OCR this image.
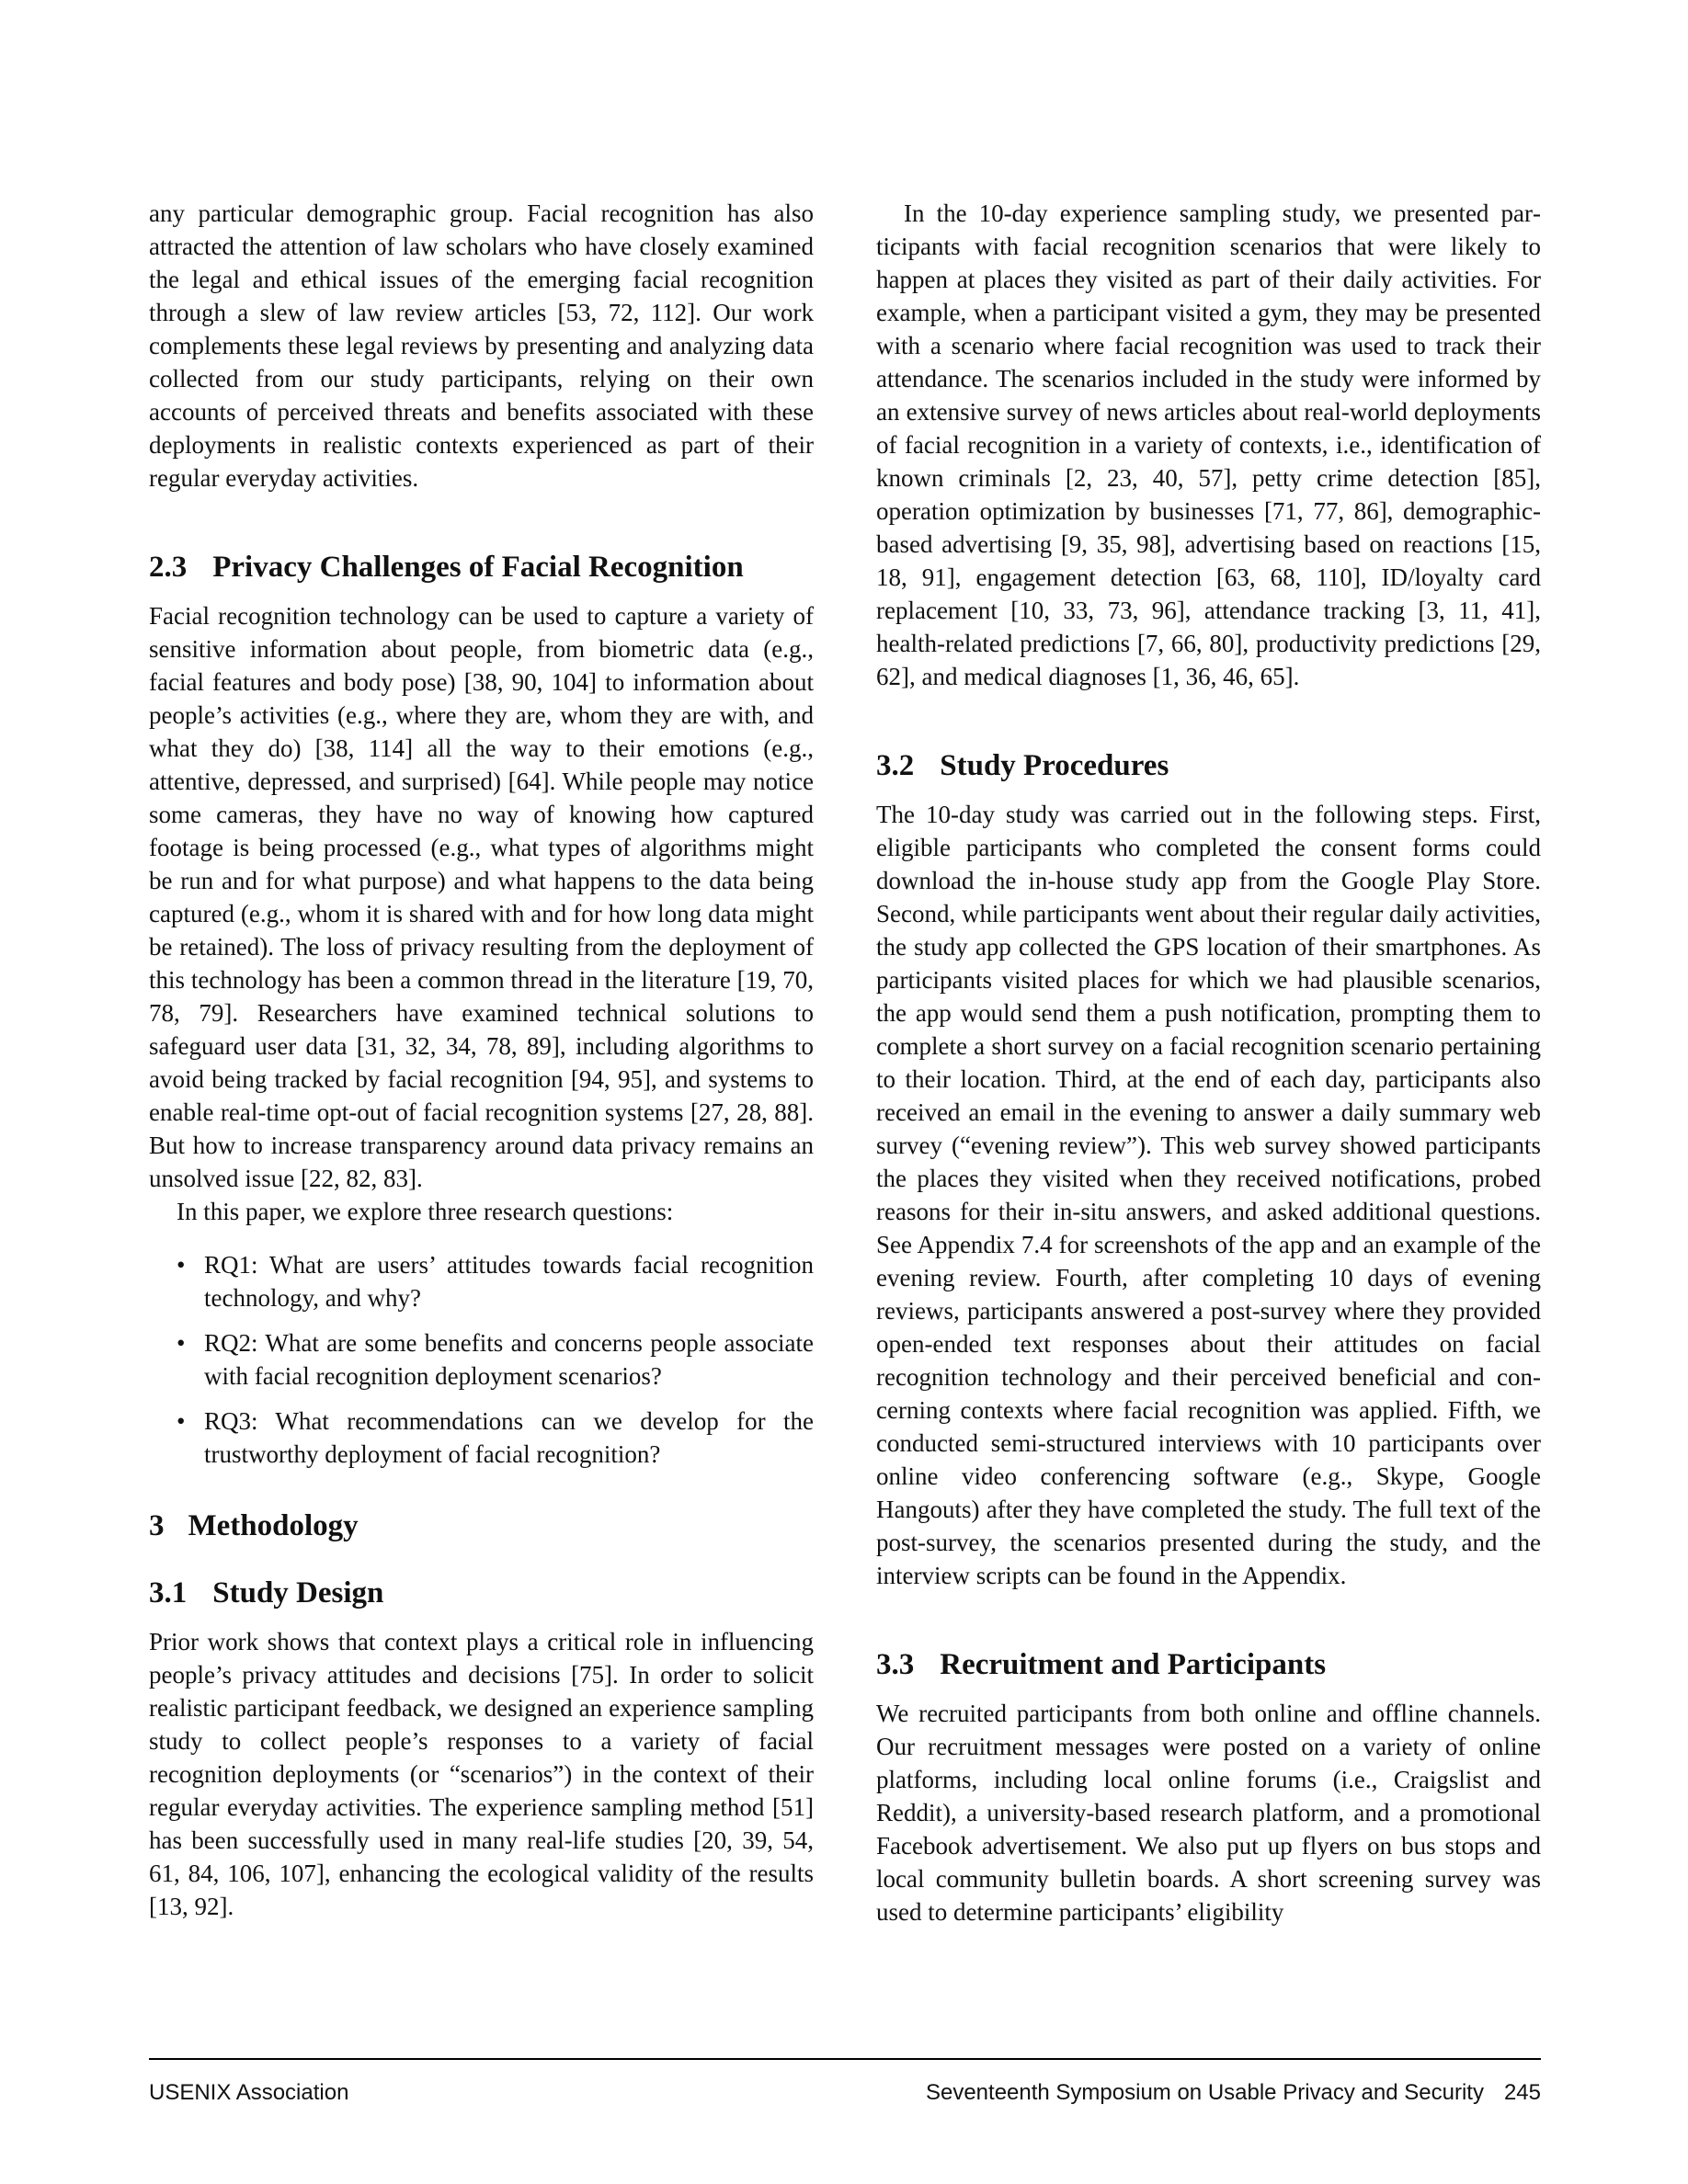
any particular demographic group. Facial recognition has also attracted the attention of law scholars who have closely examined the legal and ethical issues of the emerging facial recognition through a slew of law review articles [53, 72, 112]. Our work complements these legal reviews by presenting and analyzing data collected from our study participants, relying on their own accounts of perceived threats and benefits associated with these deployments in realistic contexts experienced as part of their regular everyday activities.

2.3 Privacy Challenges of Facial Recognition

Facial recognition technology can be used to capture a variety of sensitive information about people, from biometric data (e.g., facial features and body pose) [38, 90, 104] to information about people’s activities (e.g., where they are, whom they are with, and what they do) [38, 114] all the way to their emotions (e.g., attentive, depressed, and surprised) [64]. While people may notice some cameras, they have no way of knowing how captured footage is being processed (e.g., what types of algorithms might be run and for what purpose) and what happens to the data being captured (e.g., whom it is shared with and for how long data might be retained). The loss of privacy resulting from the deployment of this technology has been a common thread in the literature [19, 70, 78, 79]. Researchers have examined technical solutions to safeguard user data [31, 32, 34, 78, 89], including algorithms to avoid being tracked by facial recognition [94, 95], and systems to enable real-time opt-out of facial recognition systems [27, 28, 88]. But how to increase transparency around data privacy remains an unsolved issue [22, 82, 83].

In this paper, we explore three research questions:

• RQ1: What are users’ attitudes towards facial recognition technology, and why?
• RQ2: What are some benefits and concerns people associate with facial recognition deployment scenarios?
• RQ3: What recommendations can we develop for the trustworthy deployment of facial recognition?
3 Methodology
3.1 Study Design

Prior work shows that context plays a critical role in influencing people’s privacy attitudes and decisions [75]. In order to solicit realistic participant feedback, we designed an experience sampling study to collect people’s responses to a variety of facial recognition deployments (or “scenarios”) in the context of their regular everyday activities. The experience sampling method [51] has been successfully used in many real-life studies [20, 39, 54, 61, 84, 106, 107], enhancing the ecological validity of the results [13, 92].

In the 10-day experience sampling study, we presented participants with facial recognition scenarios that were likely to happen at places they visited as part of their daily activities. For example, when a participant visited a gym, they may be presented with a scenario where facial recognition was used to track their attendance. The scenarios included in the study were informed by an extensive survey of news articles about real-world deployments of facial recognition in a variety of contexts, i.e., identification of known criminals [2, 23, 40, 57], petty crime detection [85], operation optimization by businesses [71, 77, 86], demographic-based advertising [9, 35, 98], advertising based on reactions [15, 18, 91], engagement detection [63, 68, 110], ID/loyalty card replacement [10, 33, 73, 96], attendance tracking [3, 11, 41], health-related predictions [7, 66, 80], productivity predictions [29, 62], and medical diagnoses [1, 36, 46, 65].

3.2 Study Procedures

The 10-day study was carried out in the following steps. First, eligible participants who completed the consent forms could download the in-house study app from the Google Play Store. Second, while participants went about their regular daily activities, the study app collected the GPS location of their smartphones. As participants visited places for which we had plausible scenarios, the app would send them a push notification, prompting them to complete a short survey on a facial recognition scenario pertaining to their location. Third, at the end of each day, participants also received an email in the evening to answer a daily summary web survey (“evening review”). This web survey showed participants the places they visited when they received notifications, probed reasons for their in-situ answers, and asked additional questions. See Appendix 7.4 for screenshots of the app and an example of the evening review. Fourth, after completing 10 days of evening reviews, participants answered a post-survey where they provided open-ended text responses about their attitudes on facial recognition technology and their perceived beneficial and concerning contexts where facial recognition was applied. Fifth, we conducted semi-structured interviews with 10 participants over online video conferencing software (e.g., Skype, Google Hangouts) after they have completed the study. The full text of the post-survey, the scenarios presented during the study, and the interview scripts can be found in the Appendix.

3.3 Recruitment and Participants

We recruited participants from both online and offline channels. Our recruitment messages were posted on a variety of online platforms, including local online forums (i.e., Craigslist and Reddit), a university-based research platform, and a promotional Facebook advertisement. We also put up flyers on bus stops and local community bulletin boards. A short screening survey was used to determine participants’ eligibility

USENIX Association	Seventeenth Symposium on Usable Privacy and Security 245
